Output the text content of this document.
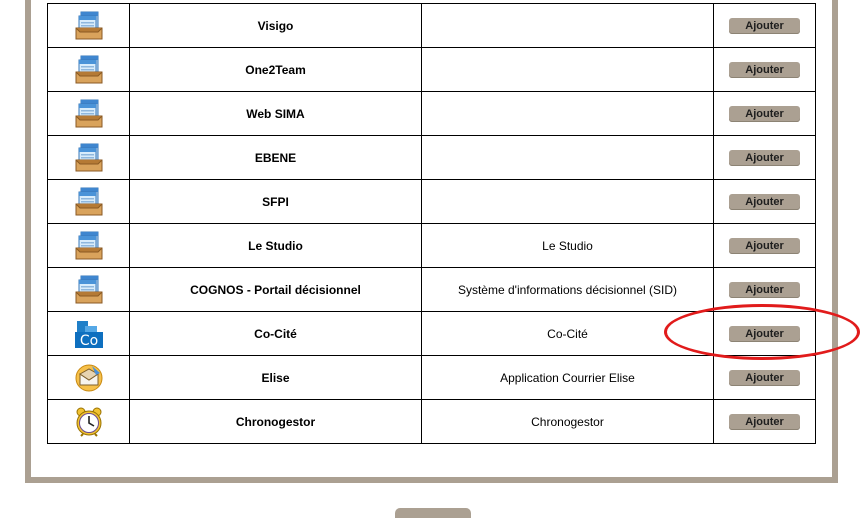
	Visigo		Ajouter

	One2Team		Ajouter

	Web SIMA		Ajouter

	EBENE		Ajouter

	SFPI		Ajouter

	Le Studio	Le Studio	Ajouter

	COGNOS - Portail décisionnel	Système d'informations décisionnel (SID)	Ajouter

Co	Co-Cité	Co-Cité	Ajouter

	Elise	Application Courrier Elise	Ajouter

	Chronogestor	Chronogestor	Ajouter
